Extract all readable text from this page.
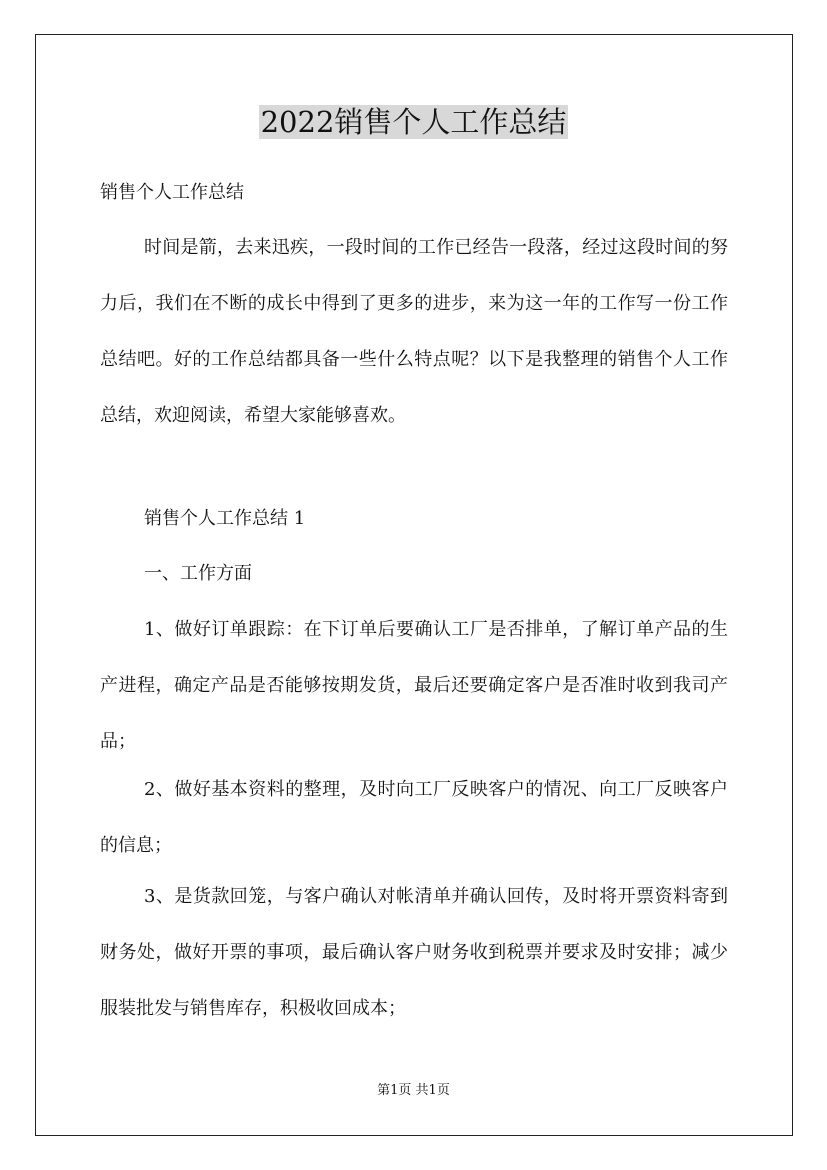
2022销售个人工作总结

销售个人工作总结

时间是箭，去来迅疾，一段时间的工作已经告一段落，经过这段时间的努力后，我们在不断的成长中得到了更多的进步，来为这一年的工作写一份工作总结吧。好的工作总结都具备一些什么特点呢？以下是我整理的销售个人工作总结，欢迎阅读，希望大家能够喜欢。

销售个人工作总结 1

一、工作方面

1、做好订单跟踪：在下订单后要确认工厂是否排单，了解订单产品的生产进程，确定产品是否能够按期发货，最后还要确定客户是否准时收到我司产品；

2、做好基本资料的整理，及时向工厂反映客户的情况、向工厂反映客户的信息；

3、是货款回笼，与客户确认对帐清单并确认回传，及时将开票资料寄到财务处，做好开票的事项，最后确认客户财务收到税票并要求及时安排；减少服装批发与销售库存，积极收回成本；

第1页 共1页
